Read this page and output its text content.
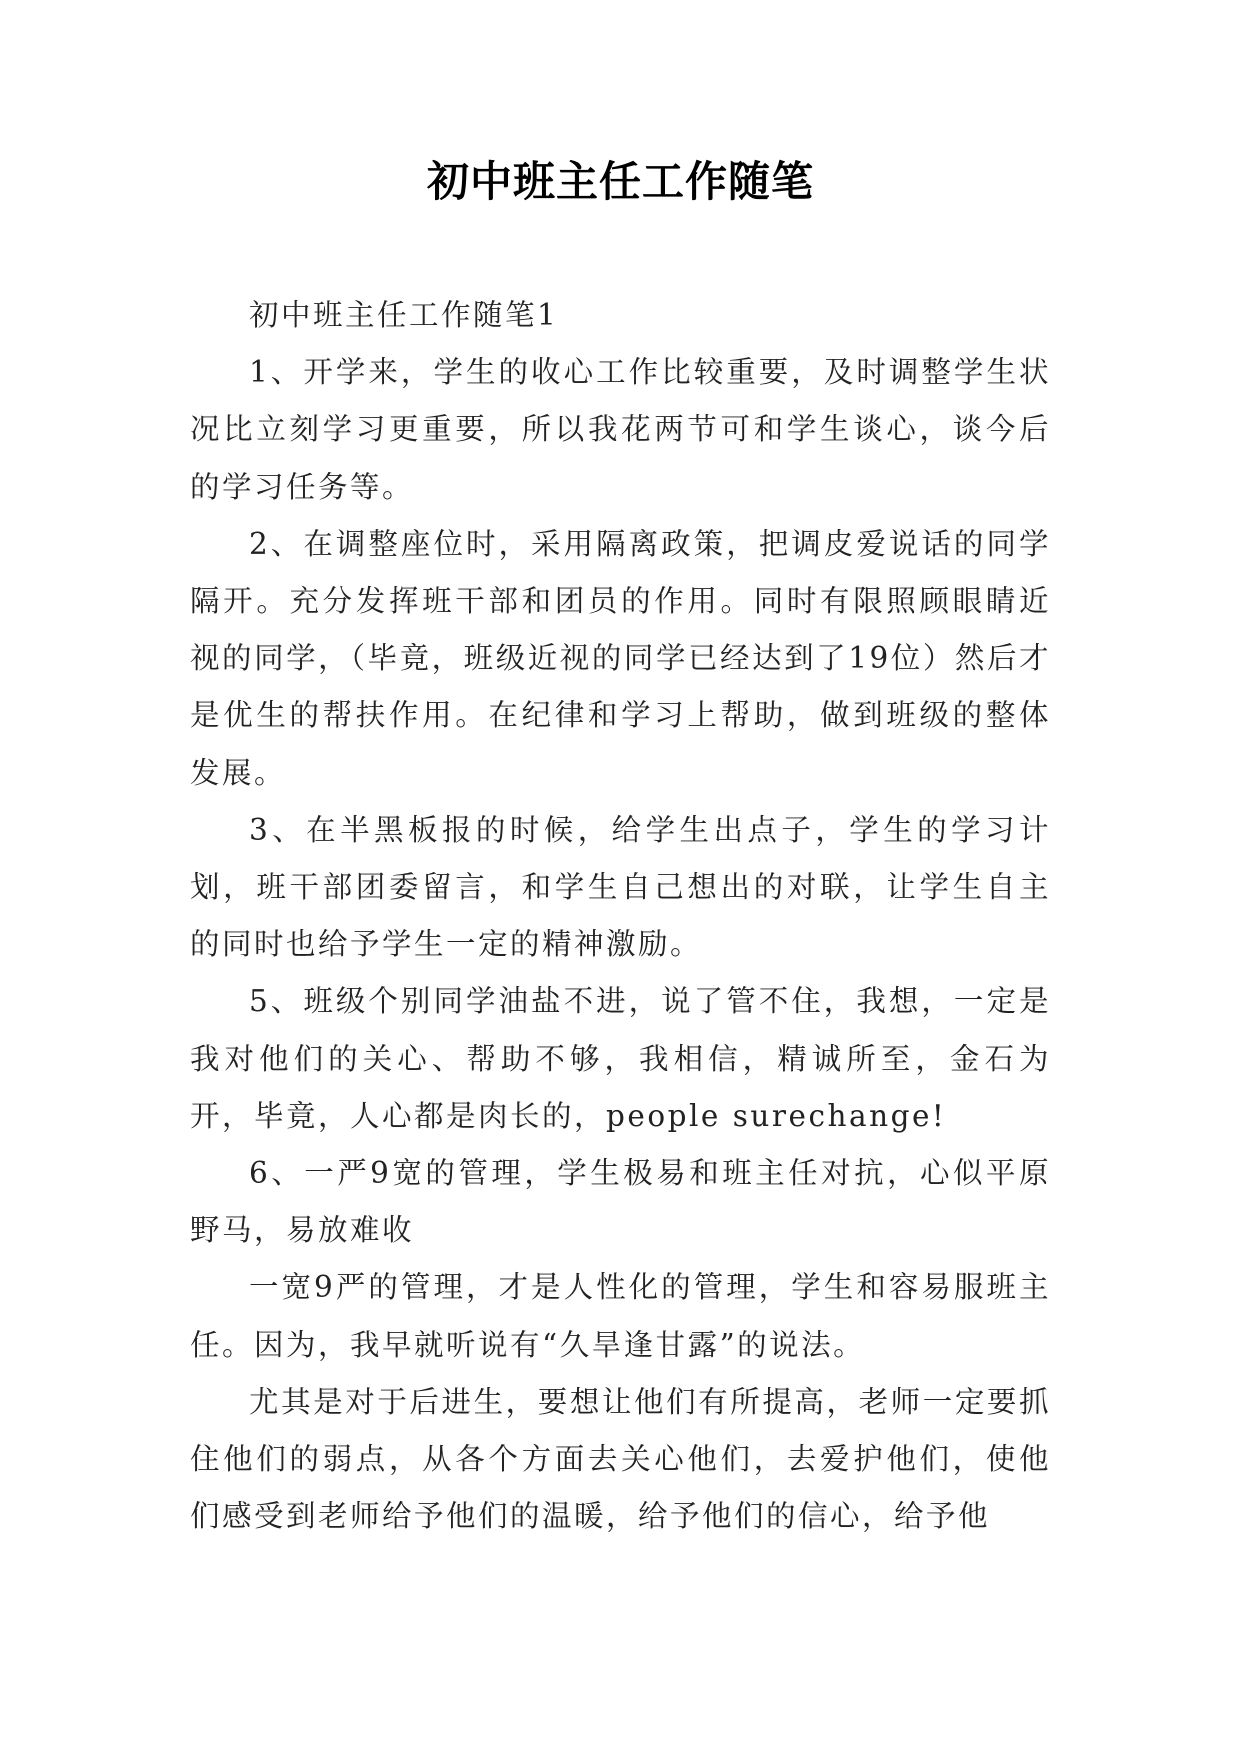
初中班主任工作随笔

初中班主任工作随笔1

1、开学来，学生的收心工作比较重要，及时调整学生状况比立刻学习更重要，所以我花两节可和学生谈心，谈今后的学习任务等。

2、在调整座位时，采用隔离政策，把调皮爱说话的同学隔开。充分发挥班干部和团员的作用。同时有限照顾眼睛近视的同学，（毕竟，班级近视的同学已经达到了19位）然后才是优生的帮扶作用。在纪律和学习上帮助，做到班级的整体发展。

3、在半黑板报的时候，给学生出点子，学生的学习计划，班干部团委留言，和学生自己想出的对联，让学生自主的同时也给予学生一定的精神激励。

5、班级个别同学油盐不进，说了管不住，我想，一定是我对他们的关心、帮助不够，我相信，精诚所至，金石为开，毕竟，人心都是肉长的，people surechange!

6、一严9宽的管理，学生极易和班主任对抗，心似平原野马，易放难收

一宽9严的管理，才是人性化的管理，学生和容易服班主任。因为，我早就听说有“久旱逢甘露”的说法。

尤其是对于后进生，要想让他们有所提高，老师一定要抓住他们的弱点，从各个方面去关心他们，去爱护他们，使他们感受到老师给予他们的温暖，给予他们的信心，给予他
